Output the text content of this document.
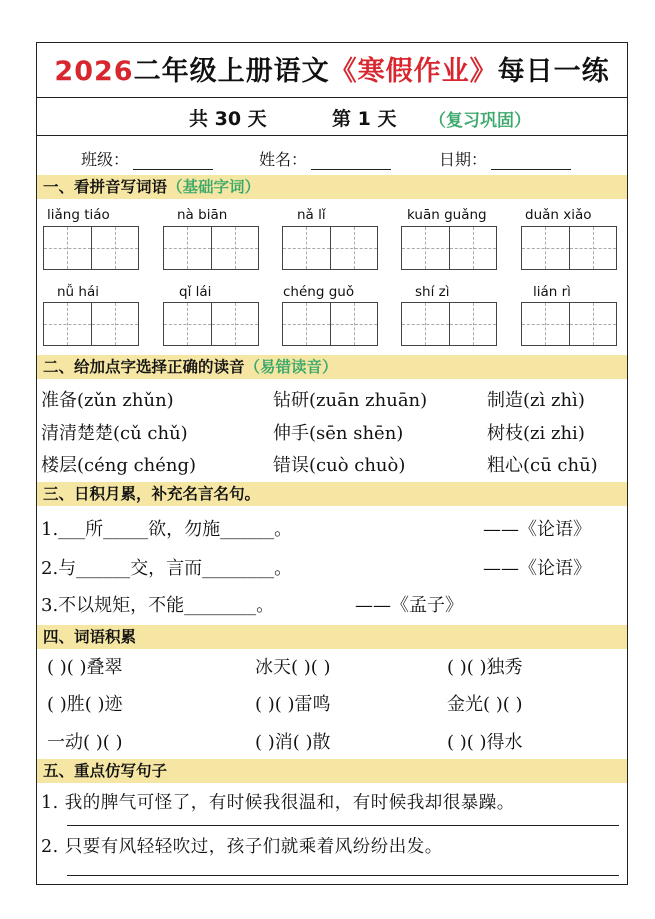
2026二年级上册语文《寒假作业》每日一练
共 30 天	第 1 天 （复习巩固）
班级：	姓名：	日期：
一、看拼音写词语（基础字词）
liǎng tiáo	nà biān	nǎ lǐ	kuān guǎng	duǎn xiǎo
nǚ hái	qǐ lái	chéng guǒ	shí zì	lián rì
二、给加点字选择正确的读音（易错读音）
准备(zǔn zhǔn)	钻研(zuān zhuān)	制造(zì zhì)
清清楚楚(cǔ chǔ)	伸手(sēn shēn)	树枝(zi zhi)
楼层(céng chéng)	错误(cuò chuò)	粗心(cū chū)
三、日积月累，补充名言名句。
1.___所_____欲，勿施______。	——《论语》
2.与______交，言而________。	——《论语》
3.不以规矩，不能________。	——《孟子》
四、词语积累
( )( )叠翠	冰天( )( )	( )( )独秀
( )胜( )迹	( )( )雷鸣	金光( )( )
一动( )( )	( )消( )散	( )( )得水
五、重点仿写句子
1. 我的脾气可怪了，有时候我很温和，有时候我却很暴躁。
2. 只要有风轻轻吹过，孩子们就乘着风纷纷出发。
